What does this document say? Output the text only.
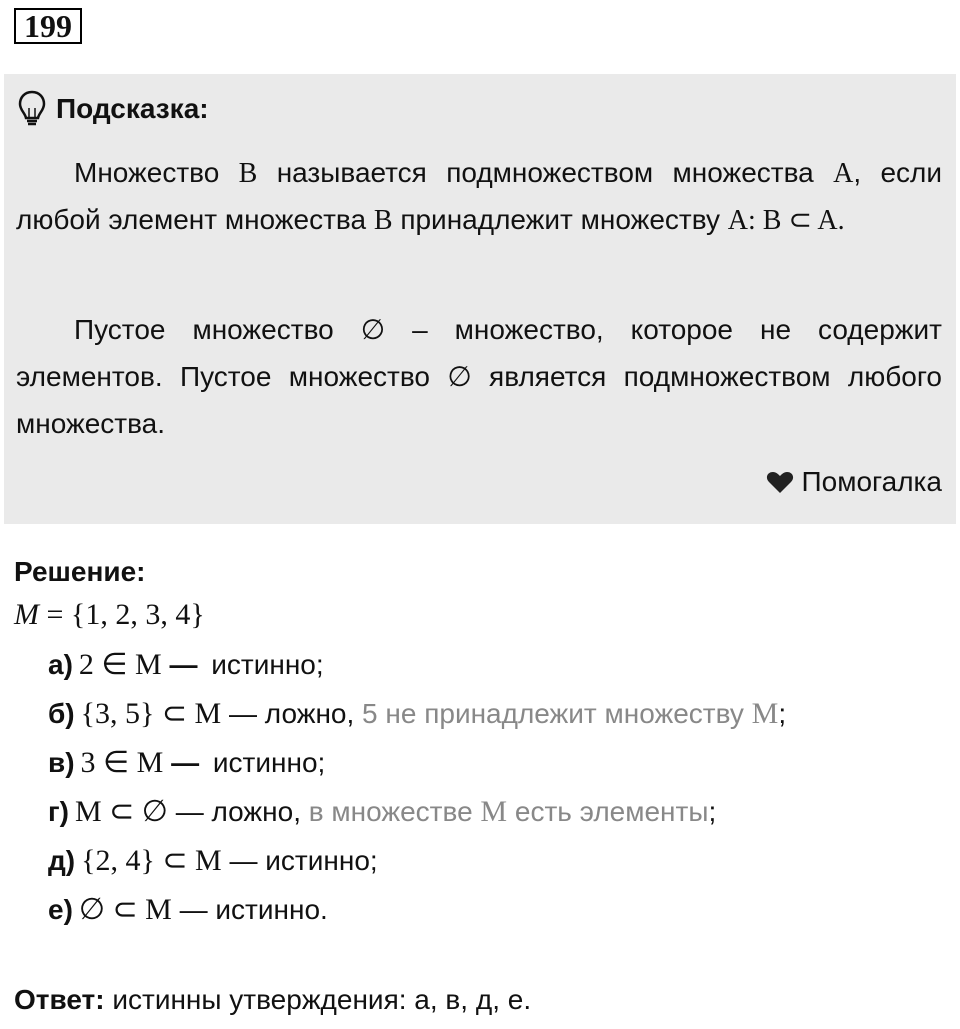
199
Подсказка:

Множество B называется подмножеством множества A, если любой элемент множества B принадлежит множеству A: B ⊂ A.

Пустое множество ∅ – множество, которое не содержит элементов. Пустое множество ∅ является подмножеством любого множества.

Помогалка
Решение:
M = {1, 2, 3, 4}
а) 2 ∈ M — истинно;
б) {3, 5} ⊂ M — ложно, 5 не принадлежит множеству M;
в) 3 ∈ M — истинно;
г) M ⊂ ∅ — ложно, в множестве M есть элементы;
д) {2, 4} ⊂ M — истинно;
е) ∅ ⊂ M — истинно.
Ответ: истинны утверждения: а, в, д, е.
